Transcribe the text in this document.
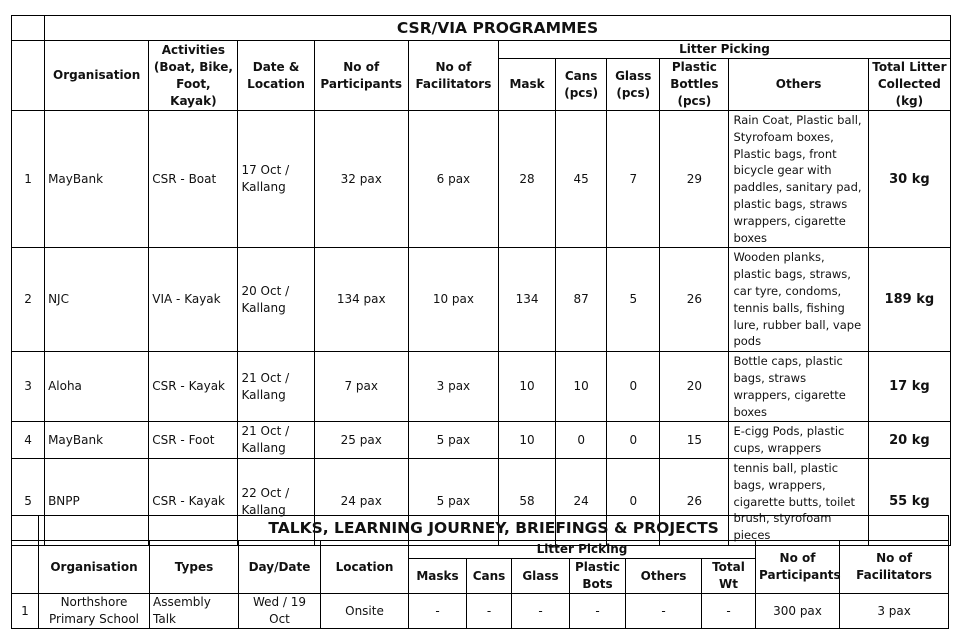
	CSR/VIA PROGRAMMES										
	Organisation	Activities (Boat, Bike, Foot, Kayak)	Date & Location	No of Participants	No of Facilitators	Litter Picking					
						Mask	Cans (pcs)	Glass (pcs)	Plastic Bottles (pcs)	Others	Total Litter Collected (kg)
1	MayBank	CSR - Boat	17 Oct / Kallang	32 pax	6 pax	28	45	7	29	Rain Coat, Plastic ball, Styrofoam boxes, Plastic bags, front bicycle gear with paddles, sanitary pad, plastic bags, straws wrappers, cigarette boxes	30 kg
2	NJC	VIA - Kayak	20 Oct / Kallang	134 pax	10 pax	134	87	5	26	Wooden planks, plastic bags, straws, car tyre, condoms, tennis balls, fishing lure, rubber ball, vape pods	189 kg
3	Aloha	CSR - Kayak	21 Oct / Kallang	7 pax	3 pax	10	10	0	20	Bottle caps, plastic bags, straws wrappers, cigarette boxes	17 kg
4	MayBank	CSR - Foot	21 Oct / Kallang	25 pax	5 pax	10	0	0	15	E-cigg Pods, plastic cups, wrappers	20 kg
5	BNPP	CSR - Kayak	22 Oct / Kallang	24 pax	5 pax	58	24	0	26	tennis ball, plastic bags, wrappers, cigarette butts, toilet brush, styrofoam pieces	55 kg
	TALKS, LEARNING JOURNEY, BRIEFINGS & PROJECTS											
	Organisation	Types	Day/Date	Location	Litter Picking						No of Participants	No of Facilitators
					Masks	Cans	Glass	Plastic Bots	Others	Total Wt		
1	Northshore Primary School	Assembly Talk	Wed / 19 Oct	Onsite	-	-	-	-	-	-	300 pax	3 pax
